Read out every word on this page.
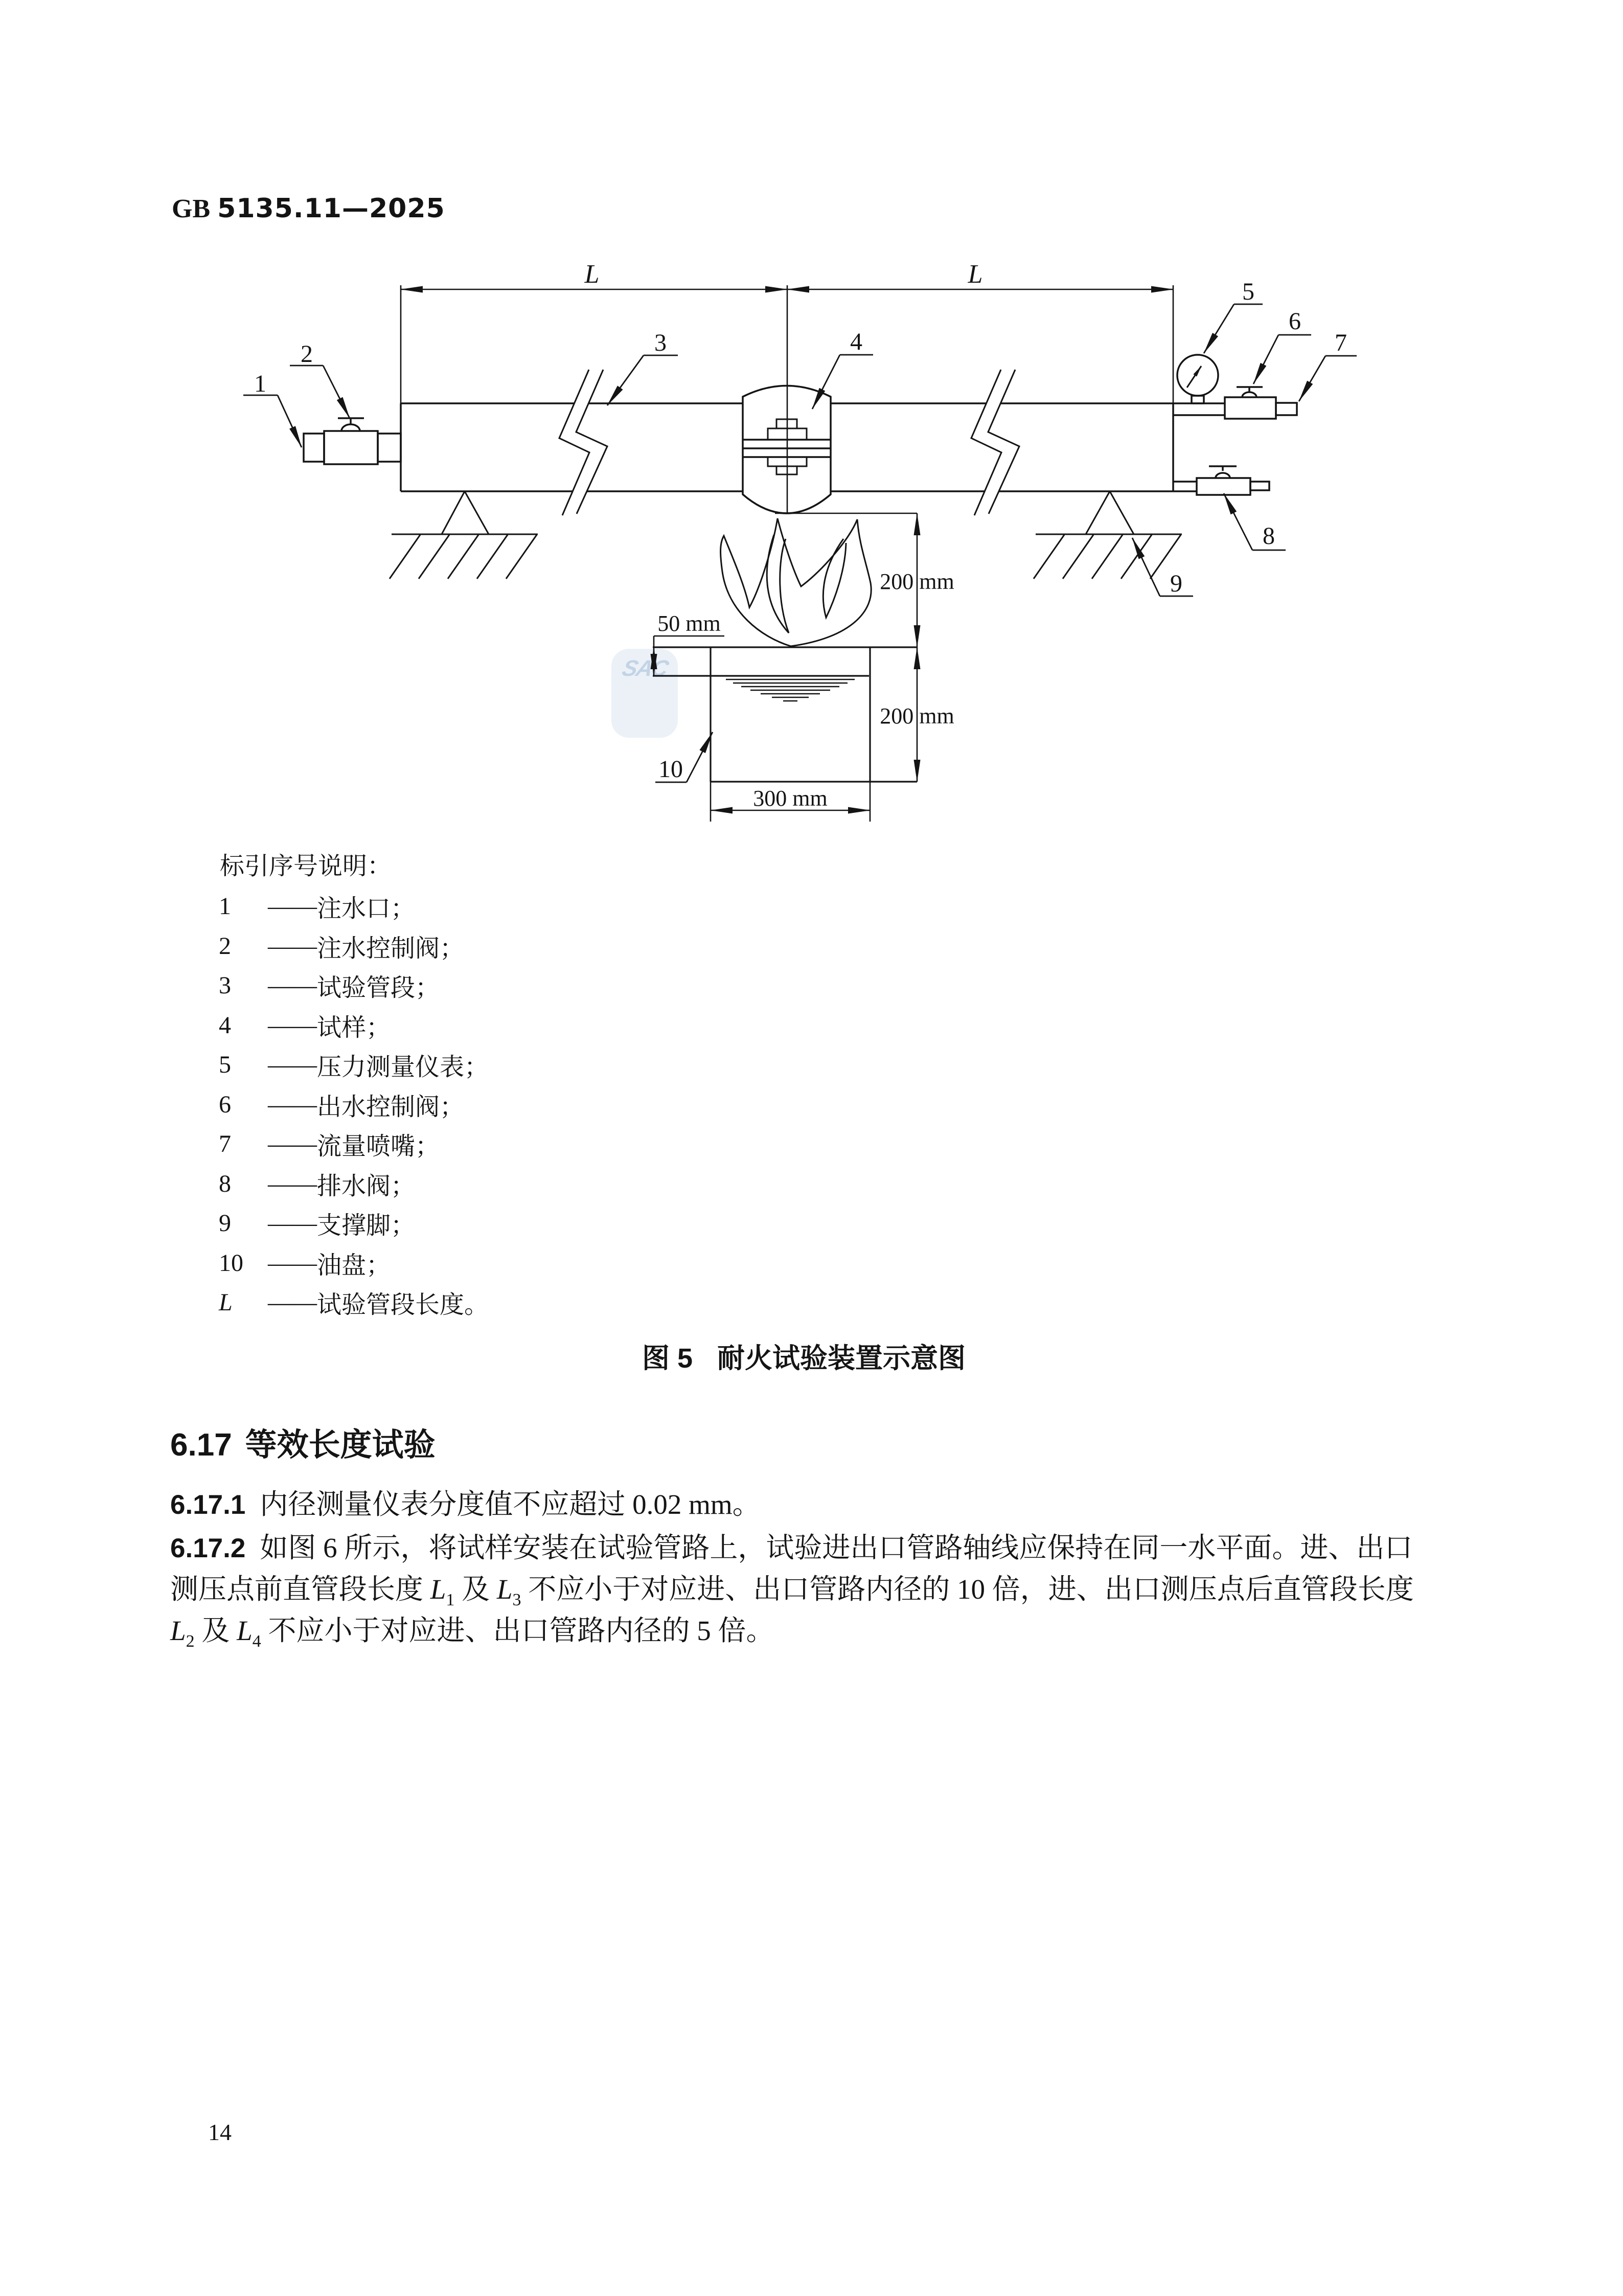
GB 5135.11—2025
SAC
1
2	3	4
5
6
7
8
9
10
L	L
200 mm
50 mm
200 mm
300 mm
标引序号说明：
1	—— 注水口；
2	—— 注水控制阀；
3	—— 试验管段；
4	—— 试样；
5	—— 压力测量仪表；
6	—— 出水控制阀；
7	—— 流量喷嘴；
8	—— 排水阀；
9	—— 支撑脚；
10	—— 油盘；
L	—— 试验管段长度。
图 5 耐火试验装置示意图
6.17 等效长度试验
6.17.1 内径测量仪表分度值不应超过 0.02 mm。
6.17.2 如图 6 所示，将试样安装在试验管路上，试验进出口管路轴线应保持在同一水平面。进、出口
测压点前直管段长度 $L_1$ 及 $L_3$ 不应小于对应进、出口管路内径的 10 倍，进、出口测压点后直管段长度
$L_2$ 及 $L_4$ 不应小于对应进、出口管路内径的 5 倍。
14
